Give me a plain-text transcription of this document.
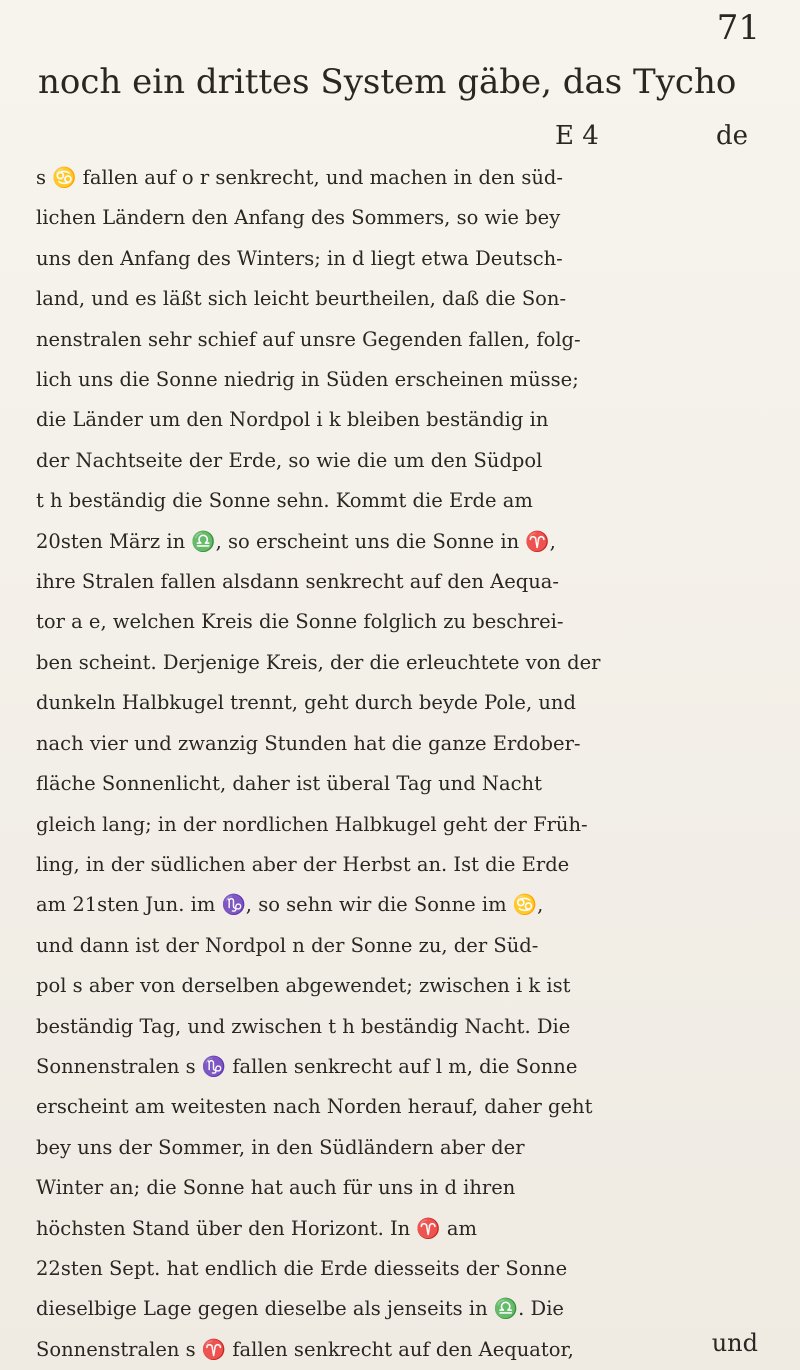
71
noch ein drittes System gäbe, das Tycho
E 4	de
s ♋ fallen auf o r senkrecht, und machen in den süd-
lichen Ländern den Anfang des Sommers, so wie bey
uns den Anfang des Winters; in d liegt etwa Deutsch-
land, und es läßt sich leicht beurtheilen, daß die Son-
nenstralen sehr schief auf unsre Gegenden fallen, folg-
lich uns die Sonne niedrig in Süden erscheinen müsse;
die Länder um den Nordpol i k bleiben beständig in
der Nachtseite der Erde, so wie die um den Südpol
t h beständig die Sonne sehn. Kommt die Erde am
20sten März in ♎, so erscheint uns die Sonne in ♈,
ihre Stralen fallen alsdann senkrecht auf den Aequa-
tor a e, welchen Kreis die Sonne folglich zu beschrei-
ben scheint. Derjenige Kreis, der die erleuchtete von der
dunkeln Halbkugel trennt, geht durch beyde Pole, und
nach vier und zwanzig Stunden hat die ganze Erdober-
fläche Sonnenlicht, daher ist überal Tag und Nacht
gleich lang; in der nordlichen Halbkugel geht der Früh-
ling, in der südlichen aber der Herbst an. Ist die Erde
am 21sten Jun. im ♑, so sehn wir die Sonne im ♋,
und dann ist der Nordpol n der Sonne zu, der Süd-
pol s aber von derselben abgewendet; zwischen i k ist
beständig Tag, und zwischen t h beständig Nacht. Die
Sonnenstralen s ♑ fallen senkrecht auf l m, die Sonne
erscheint am weitesten nach Norden herauf, daher geht
bey uns der Sommer, in den Südländern aber der
Winter an; die Sonne hat auch für uns in d ihren
höchsten Stand über den Horizont. In ♈ am
22sten Sept. hat endlich die Erde diesseits der Sonne
dieselbige Lage gegen dieselbe als jenseits in ♎. Die
Sonnenstralen s ♈ fallen senkrecht auf den Aequator,	und
